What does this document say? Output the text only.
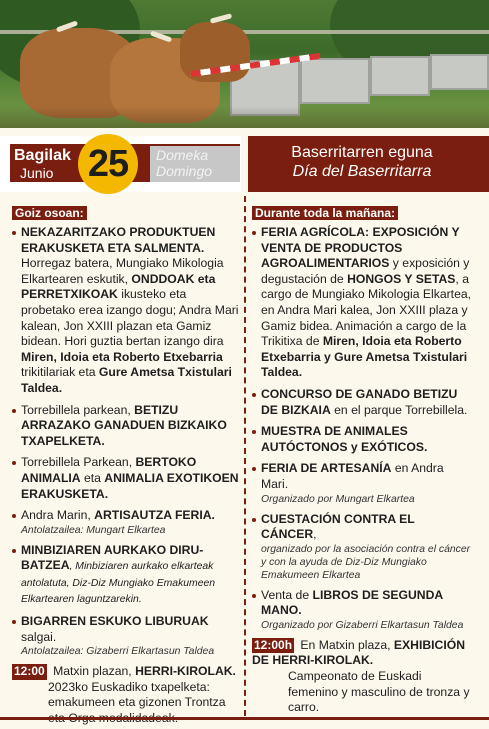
Bagilak
Junio
Domeka
Domingo
25	Baserritarren eguna
Día del Baserritarra
Goiz osoan:
NEKAZARITZAKO PRODUKTUEN ERAKUSKETA ETA SALMENTA. Horregaz batera, Mungiako Mikologia Elkartearen eskutik, ONDDOAK eta PERRETXIKOAK ikusteko eta probetako erea izango dogu; Andra Mari kalean, Jon XXIII plazan eta Gamiz bidean. Hori guztia bertan izango dira Miren, Idoia eta Roberto Etxebarria trikitilariak eta Gure Ametsa Txistulari Taldea.
Torrebillela parkean, BETIZU ARRAZAKO GANADUEN BIZKAIKO TXAPELKETA.
Torrebillela Parkean, BERTOKO ANIMALIA eta ANIMALIA EXOTIKOEN ERAKUSKETA.
Andra Marin, ARTISAUTZA FERIA.
Antolatzailea: Mungart Elkartea
MINBIZIAREN AURKAKO DIRU-BATZEA, Minbiziaren aurkako elkarteak antolatuta, Diz-Diz Mungiako Emakumeen Elkartearen laguntzarekin.
BIGARREN ESKUKO LIBURUAK salgai.
Antolatzailea: Gizaberri Elkartasun Taldea
12:00 Matxin plazan, HERRI-KIROLAK.
2023ko Euskadiko txapelketa: emakumeen eta gizonen Trontza
Durante toda la mañana:
FERIA AGRÍCOLA: EXPOSICIÓN Y VENTA DE PRODUCTOS AGROALIMENTARIOS y exposición y degustación de HONGOS Y SETAS, a cargo de Mungiako Mikologia Elkartea, en Andra Mari kalea, Jon XXIII plaza y Gamiz bidea. Animación a cargo de la Trikitixa de Miren, Idoia eta Roberto Etxebarria y Gure Ametsa Txistulari Taldea.
CONCURSO DE GANADO BETIZU DE BIZKAIA en el parque Torrebillela.
MUESTRA DE ANIMALES AUTÓCTONOS y EXÓTICOS.
FERIA DE ARTESANÍA en Andra Mari.
Organizado por Mungart Elkartea
CUESTACIÓN CONTRA EL CÁNCER,
organizado por la asociación contra el cáncer y con la ayuda de Diz-Diz Mungiako Emakumeen Elkartea
Venta de LIBROS DE SEGUNDA MANO.
Organizado por Gizaberri Elkartasun Taldea
12:00h En Matxin plaza, EXHIBICIÓN DE HERRI-KIROLAK.
Campeonato de Euskadi femenino y masculino de tronza y carro.
